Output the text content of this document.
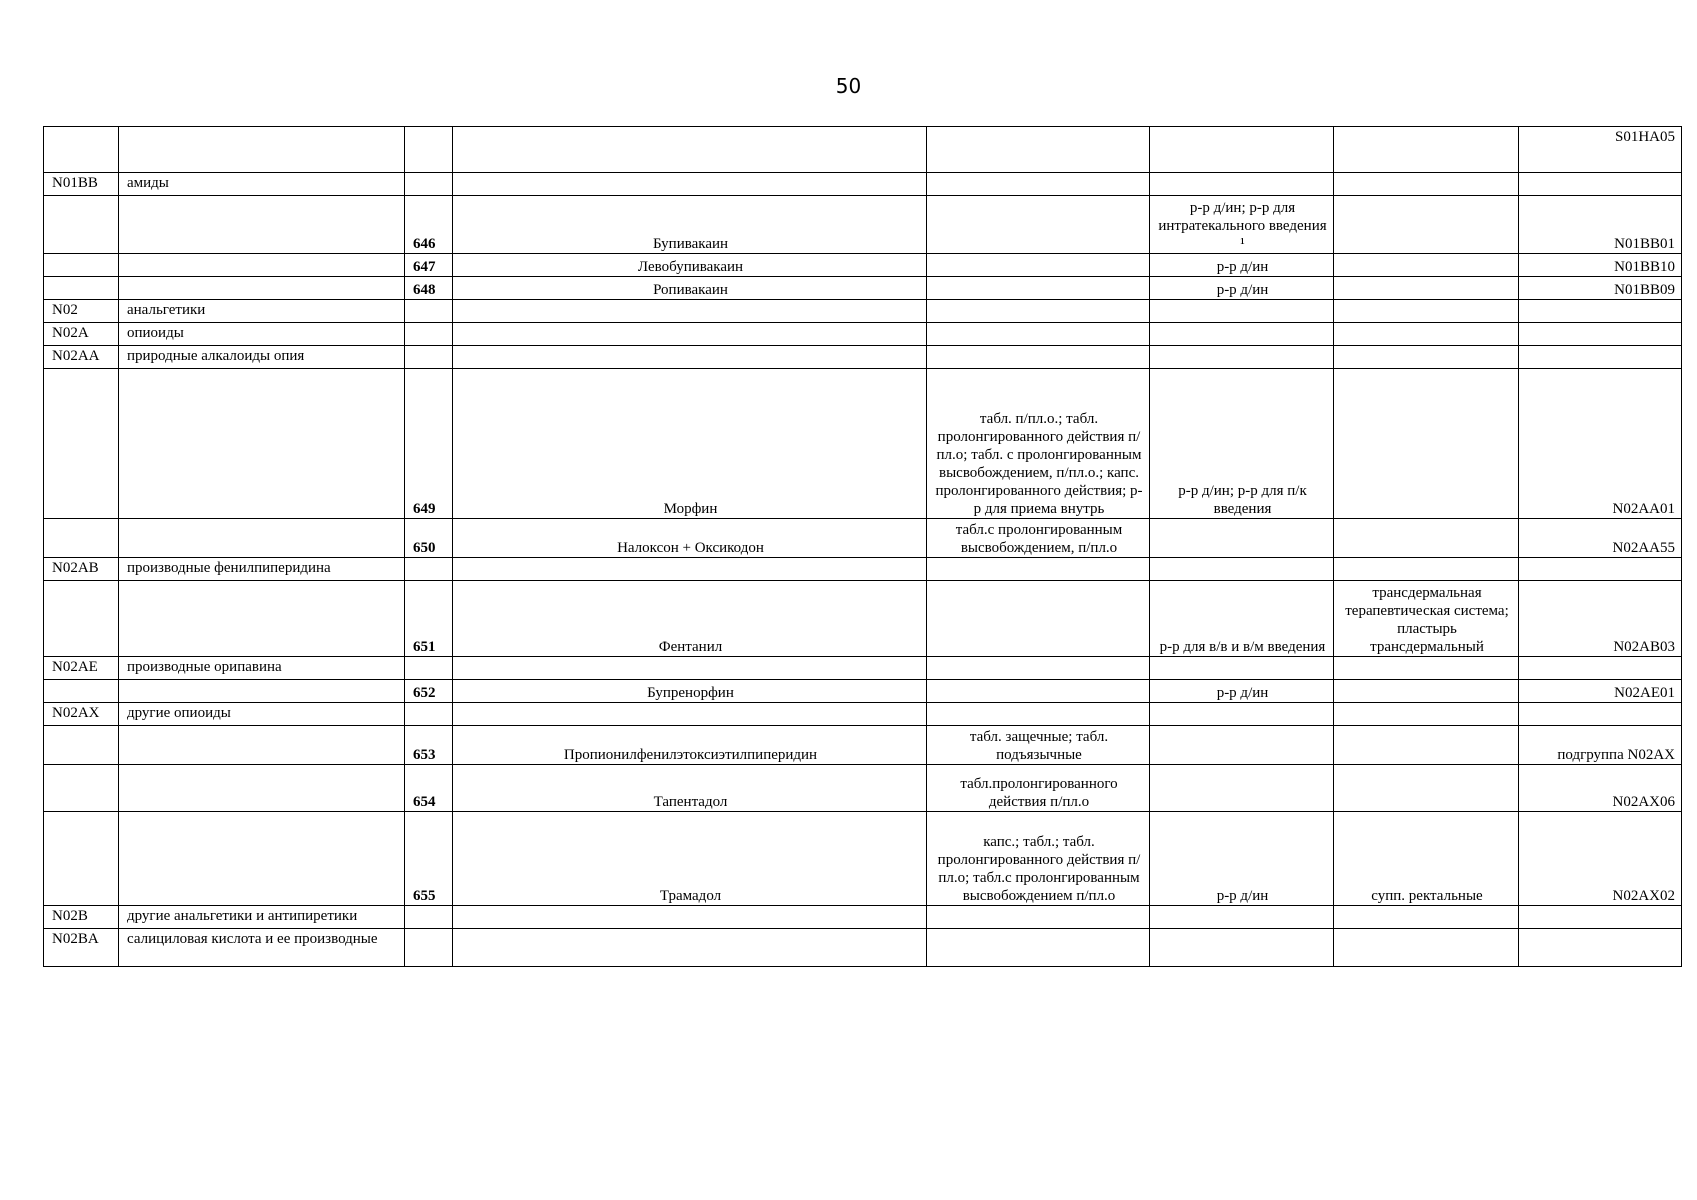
50
							S01HA05
N01BB	амиды						
		646	Бупивакаин		р-р д/ин; р-р для интратекального введения ¹		N01BB01
		647	Левобупивакаин		р-р д/ин		N01BB10
		648	Ропивакаин		р-р д/ин		N01BB09
N02	анальгетики						
N02A	опиоиды						
N02AA	природные алкалоиды опия						
		649	Морфин	табл. п/пл.о.; табл. пролонгированного действия п/пл.о; табл. с пролонгированным высвобождением, п/пл.о.; капс. пролонгированного действия; р-р для приема внутрь	р-р д/ин; р-р для п/к введения		N02AA01
		650	Налоксон + Оксикодон	табл.с пролонгированным высвобождением, п/пл.о			N02AA55
N02AB	производные фенилпиперидина						
		651	Фентанил		р-р для в/в и в/м введения	трансдермальная терапевтическая система; пластырь трансдермальный	N02AB03
N02AE	производные орипавина						
		652	Бупренорфин		р-р д/ин		N02AE01
N02AX	другие опиоиды						
		653	Пропионилфенилэтоксиэтилпиперидин	табл. защечные; табл. подъязычные			подгруппа N02AX
		654	Тапентадол	табл.пролонгированного действия п/пл.о			N02AX06
		655	Трамадол	капс.; табл.; табл. пролонгированного действия п/пл.о; табл.с пролонгированным высвобождением п/пл.о	р-р д/ин	супп. ректальные	N02AX02
N02B	другие анальгетики и антипиретики						
N02BA	салициловая кислота и ее производные						
